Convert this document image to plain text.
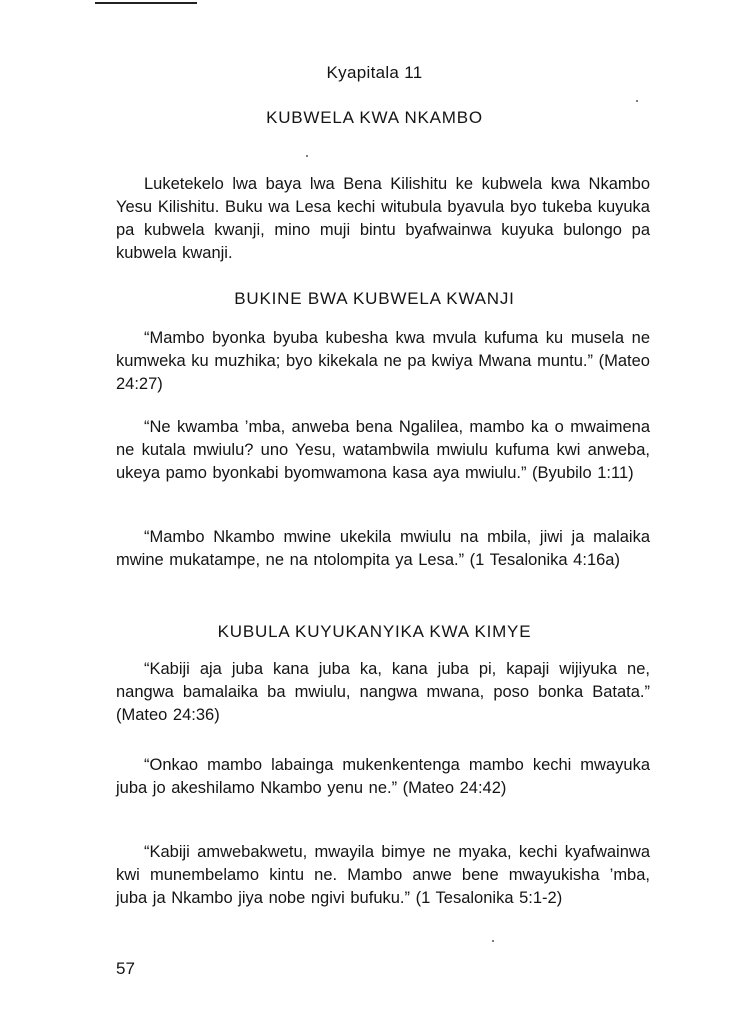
Kyapitala 11
KUBWELA KWA NKAMBO

Luketekelo lwa baya lwa Bena Kilishitu ke kubwela kwa Nkambo Yesu Kilishitu. Buku wa Lesa kechi witubula byavula byo tukeba kuyuka pa kubwela kwanji, mino muji bintu byafwainwa kuyuka bulongo pa kubwela kwanji.

BUKINE BWA KUBWELA KWANJI

“Mambo byonka byuba kubesha kwa mvula kufuma ku musela ne kumweka ku muzhika; byo kikekala ne pa kwiya Mwana muntu.” (Mateo 24:27)

“Ne kwamba ’mba, anweba bena Ngalilea, mambo ka o mwaimena ne kutala mwiulu? uno Yesu, watambwila mwiulu kufuma kwi anweba, ukeya pamo byonkabi byomwamona kasa aya mwiulu.” (Byubilo 1:11)

“Mambo Nkambo mwine ukekila mwiulu na mbila, jiwi ja malaika mwine mukatampe, ne na ntolompita ya Lesa.” (1 Tesalonika 4:16a)

KUBULA KUYUKANYIKA KWA KIMYE

“Kabiji aja juba kana juba ka, kana juba pi, kapaji wijiyuka ne, nangwa bamalaika ba mwiulu, nangwa mwana, poso bonka Batata.” (Mateo 24:36)

“Onkao mambo labainga mukenkentenga mambo kechi mwayuka juba jo akeshilamo Nkambo yenu ne.” (Mateo 24:42)

“Kabiji amwebakwetu, mwayila bimye ne myaka, kechi kyafwainwa kwi munembelamo kintu ne. Mambo anwe bene mwayukisha ’mba, juba ja Nkambo jiya nobe ngivi bufuku.” (1 Tesalonika 5:1-2)

57
